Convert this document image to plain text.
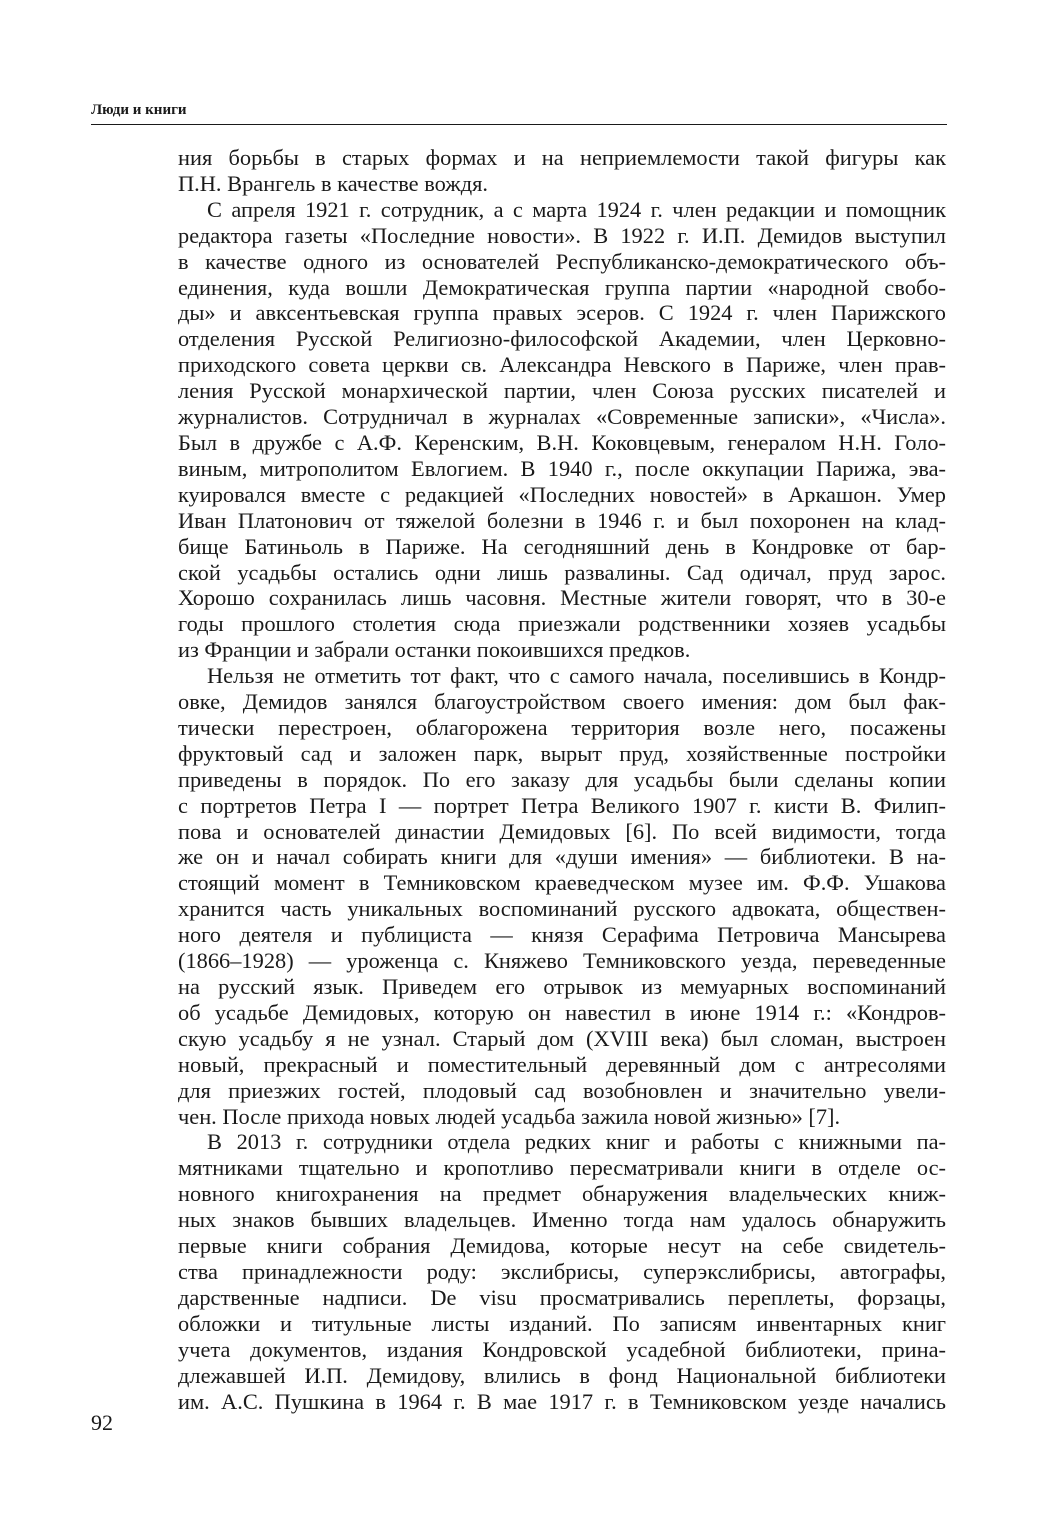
Люди и книги

ния борьбы в старых формах и на неприемлемости такой фигуры как

П.Н. Врангель в качестве вождя.

С апреля 1921 г. сотрудник, а с марта 1924 г. член редакции и помощник

редактора газеты «Последние новости». В 1922 г. И.П. Демидов выступил

в качестве одного из основателей Республиканско-демократического объ-

единения, куда вошли Демократическая группа партии «народной свобо-

ды» и авксентьевская группа правых эсеров. С 1924 г. член Парижского

отделения Русской Религиозно-философской Академии, член Церковно-

приходского совета церкви св. Александра Невского в Париже, член прав-

ления Русской монархической партии, член Союза русских писателей и

журналистов. Сотрудничал в журналах «Современные записки», «Числа».

Был в дружбе с А.Ф. Керенским, В.Н. Коковцевым, генералом Н.Н. Голо-

виным, митрополитом Евлогием. В 1940 г., после оккупации Парижа, эва-

куировался вместе с редакцией «Последних новостей» в Аркашон. Умер

Иван Платонович от тяжелой болезни в 1946 г. и был похоронен на клад-

бище Батиньоль в Париже. На сегодняшний день в Кондровке от бар-

ской усадьбы остались одни лишь развалины. Сад одичал, пруд зарос.

Хорошо сохранилась лишь часовня. Местные жители говорят, что в 30-е

годы прошлого столетия сюда приезжали родственники хозяев усадьбы

из Франции и забрали останки покоившихся предков.

Нельзя не отметить тот факт, что с самого начала, поселившись в Кондр-

овке, Демидов занялся благоустройством своего имения: дом был фак-

тически перестроен, облагорожена территория возле него, посажены

фруктовый сад и заложен парк, вырыт пруд, хозяйственные постройки

приведены в порядок. По его заказу для усадьбы были сделаны копии

с портретов Петра I — портрет Петра Великого 1907 г. кисти В. Филип-

пова и основателей династии Демидовых [6]. По всей видимости, тогда

же он и начал собирать книги для «души имения» — библиотеки. В на-

стоящий момент в Темниковском краеведческом музее им. Ф.Ф. Ушакова

хранится часть уникальных воспоминаний русского адвоката, обществен-

ного деятеля и публициста — князя Серафима Петровича Мансырева

(1866–1928) — уроженца с. Княжево Темниковского уезда, переведенные

на русский язык. Приведем его отрывок из мемуарных воспоминаний

об усадьбе Демидовых, которую он навестил в июне 1914 г.: «Кондров-

скую усадьбу я не узнал. Старый дом (XVIII века) был сломан, выстроен

новый, прекрасный и поместительный деревянный дом с антресолями

для приезжих гостей, плодовый сад возобновлен и значительно увели-

чен. После прихода новых людей усадьба зажила новой жизнью» [7].

В 2013 г. сотрудники отдела редких книг и работы с книжными па-

мятниками тщательно и кропотливо пересматривали книги в отделе ос-

новного книгохранения на предмет обнаружения владельческих книж-

ных знаков бывших владельцев. Именно тогда нам удалось обнаружить

первые книги собрания Демидова, которые несут на себе свидетель-

ства принадлежности роду: экслибрисы, суперэкслибрисы, автографы,

дарственные надписи. De visu просматривались переплеты, форзацы,

обложки и титульные листы изданий. По записям инвентарных книг

учета документов, издания Кондровской усадебной библиотеки, прина-

длежавшей И.П. Демидову, влились в фонд Национальной библиотеки

им. А.С. Пушкина в 1964 г. В мае 1917 г. в Темниковском уезде начались

92
